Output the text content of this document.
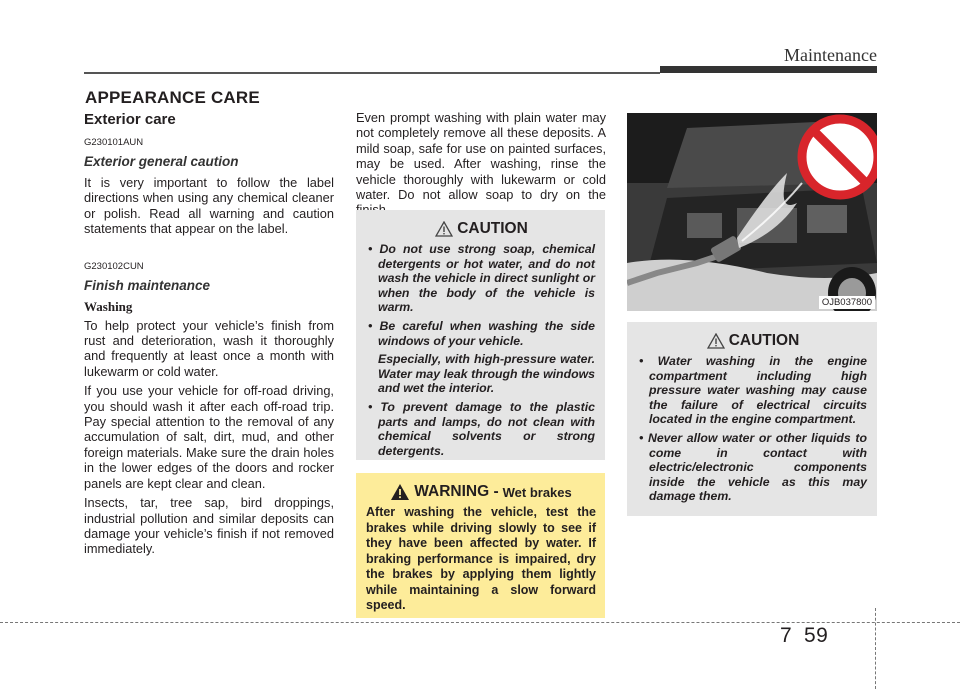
Maintenance
APPEARANCE CARE
Exterior care
G230101AUN
Exterior general caution

It is very important to follow the label directions when using any chemical cleaner or polish. Read all warning and caution statements that appear on the label.

G230102CUN
Finish maintenance
Washing

To help protect your vehicle’s finish from rust and deterioration, wash it thoroughly and frequently at least once a month with lukewarm or cold water.

If you use your vehicle for off-road driving, you should wash it after each off-road trip. Pay special attention to the removal of any accumulation of salt, dirt, mud, and other foreign materials. Make sure the drain holes in the lower edges of the doors and rocker panels are kept clear and clean.

Insects, tar, tree sap, bird droppings, industrial pollution and similar deposits can damage your vehicle’s finish if not removed immediately.

Even prompt washing with plain water may not completely remove all these deposits. A mild soap, safe for use on painted surfaces, may be used. After washing, rinse the vehicle thoroughly with lukewarm or cold water. Do not allow soap to dry on the

CAUTION
• Do not use strong soap, chemical detergents or hot water, and do not wash the vehicle in direct sunlight or when the body of the vehicle is warm.
• Be careful when washing the side windows of your vehicle.
Especially, with high-pressure water. Water may leak through the windows and wet the interior.
• To prevent damage to the plastic parts and lamps, do not clean with chemical solvents or strong detergents.
WARNING - Wet brakes

After washing the vehicle, test the brakes while driving slowly to see if they have been affected by water. If braking performance is impaired, dry the brakes by applying them lightly while maintaining a slow forward speed.

OJB037800
CAUTION
• Water washing in the engine compartment including high pressure water washing may cause the failure of electrical circuits located in the engine compartment.
• Never allow water or other liquids to come in contact with electric/electronic components inside the vehicle as this may damage them.
7 59
